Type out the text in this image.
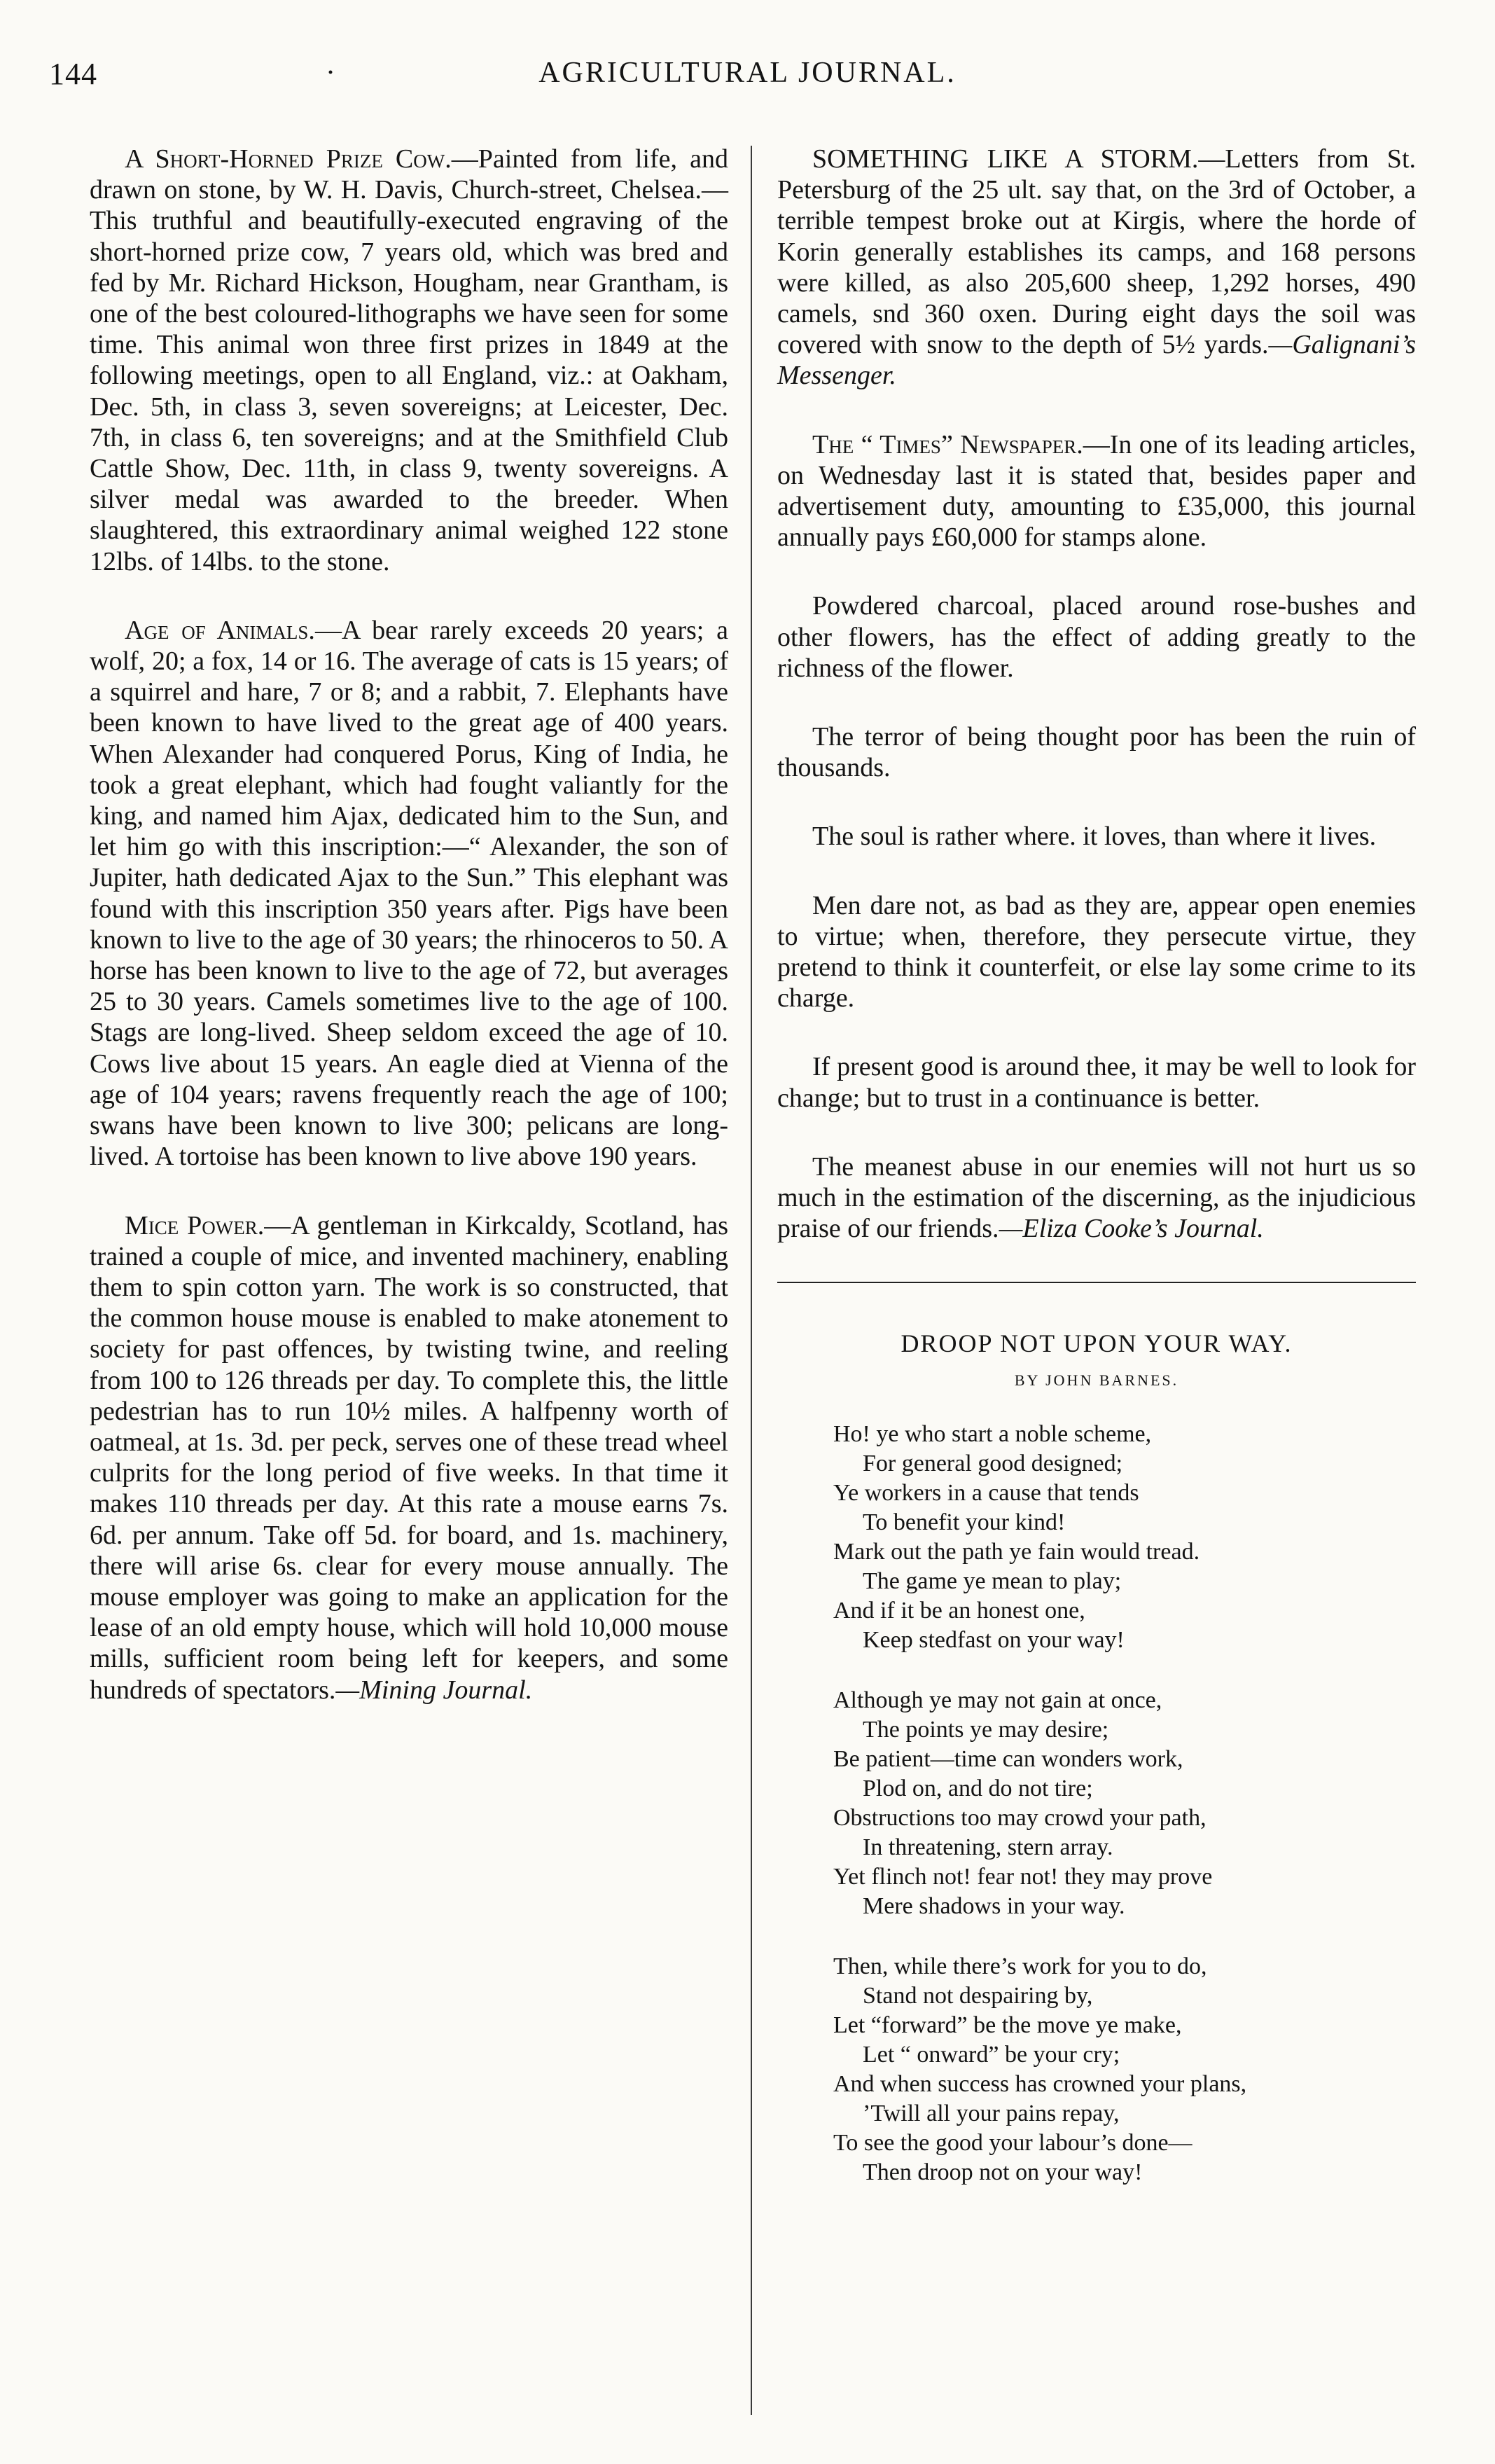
144	·	AGRICULTURAL JOURNAL.

A Short-Horned Prize Cow.—Painted from life, and drawn on stone, by W. H. Davis, Church-street, Chelsea.—This truthful and beautifully-executed engraving of the short-horned prize cow, 7 years old, which was bred and fed by Mr. Richard Hickson, Hougham, near Grantham, is one of the best coloured-lithographs we have seen for some time. This animal won three first prizes in 1849 at the following meetings, open to all England, viz.: at Oakham, Dec. 5th, in class 3, seven sovereigns; at Leicester, Dec. 7th, in class 6, ten sovereigns; and at the Smithfield Club Cattle Show, Dec. 11th, in class 9, twenty sovereigns. A silver medal was awarded to the breeder. When slaughtered, this extraordinary animal weighed 122 stone 12lbs. of 14lbs. to the stone.

Age of Animals.—A bear rarely exceeds 20 years; a wolf, 20; a fox, 14 or 16. The average of cats is 15 years; of a squirrel and hare, 7 or 8; and a rabbit, 7. Elephants have been known to have lived to the great age of 400 years. When Alexander had conquered Porus, King of India, he took a great elephant, which had fought valiantly for the king, and named him Ajax, dedicated him to the Sun, and let him go with this inscription:—“ Alexander, the son of Jupiter, hath dedicated Ajax to the Sun.” This elephant was found with this inscription 350 years after. Pigs have been known to live to the age of 30 years; the rhinoceros to 50. A horse has been known to live to the age of 72, but averages 25 to 30 years. Camels sometimes live to the age of 100. Stags are long-lived. Sheep seldom exceed the age of 10. Cows live about 15 years. An eagle died at Vienna of the age of 104 years; ravens frequently reach the age of 100; swans have been known to live 300; pelicans are long-lived. A tortoise has been known to live above 190 years.

Mice Power.—A gentleman in Kirkcaldy, Scotland, has trained a couple of mice, and invented machinery, enabling them to spin cotton yarn. The work is so constructed, that the common house mouse is enabled to make atonement to society for past offences, by twisting twine, and reeling from 100 to 126 threads per day. To complete this, the little pedestrian has to run 10½ miles. A halfpenny worth of oatmeal, at 1s. 3d. per peck, serves one of these tread wheel culprits for the long period of five weeks. In that time it makes 110 threads per day. At this rate a mouse earns 7s. 6d. per annum. Take off 5d. for board, and 1s. machinery, there will arise 6s. clear for every mouse annually. The mouse employer was going to make an application for the lease of an old empty house, which will hold 10,000 mouse mills, sufficient room being left for keepers, and some hundreds of spectators.—Mining Journal.

SOMETHING LIKE A STORM.—Letters from St. Petersburg of the 25 ult. say that, on the 3rd of October, a terrible tempest broke out at Kirgis, where the horde of Korin generally establishes its camps, and 168 persons were killed, as also 205,600 sheep, 1,292 horses, 490 camels, snd 360 oxen. During eight days the soil was covered with snow to the depth of 5½ yards.—Galignani’s Messenger.

The “ Times” Newspaper.—In one of its leading articles, on Wednesday last it is stated that, besides paper and advertisement duty, amounting to £35,000, this journal annually pays £60,000 for stamps alone.

Powdered charcoal, placed around rose-bushes and other flowers, has the effect of adding greatly to the richness of the flower.

The terror of being thought poor has been the ruin of thousands.

The soul is rather where. it loves, than where it lives.

Men dare not, as bad as they are, appear open enemies to virtue; when, therefore, they persecute virtue, they pretend to think it counterfeit, or else lay some crime to its charge.

If present good is around thee, it may be well to look for change; but to trust in a continuance is better.

The meanest abuse in our enemies will not hurt us so much in the estimation of the discerning, as the injudicious praise of our friends.—Eliza Cooke’s Journal.

DROOP NOT UPON YOUR WAY.
BY JOHN BARNES.
Ho! ye who start a noble scheme,
For general good designed;
Ye workers in a cause that tends
To benefit your kind!
Mark out the path ye fain would tread.
The game ye mean to play;
And if it be an honest one,
Keep stedfast on your way!
Although ye may not gain at once,
The points ye may desire;
Be patient—time can wonders work,
Plod on, and do not tire;
Obstructions too may crowd your path,
In threatening, stern array.
Yet flinch not! fear not! they may prove
Mere shadows in your way.
Then, while there’s work for you to do,
Stand not despairing by,
Let “forward” be the move ye make,
Let “ onward” be your cry;
And when success has crowned your plans,
’Twill all your pains repay,
To see the good your labour’s done—
Then droop not on your way!
